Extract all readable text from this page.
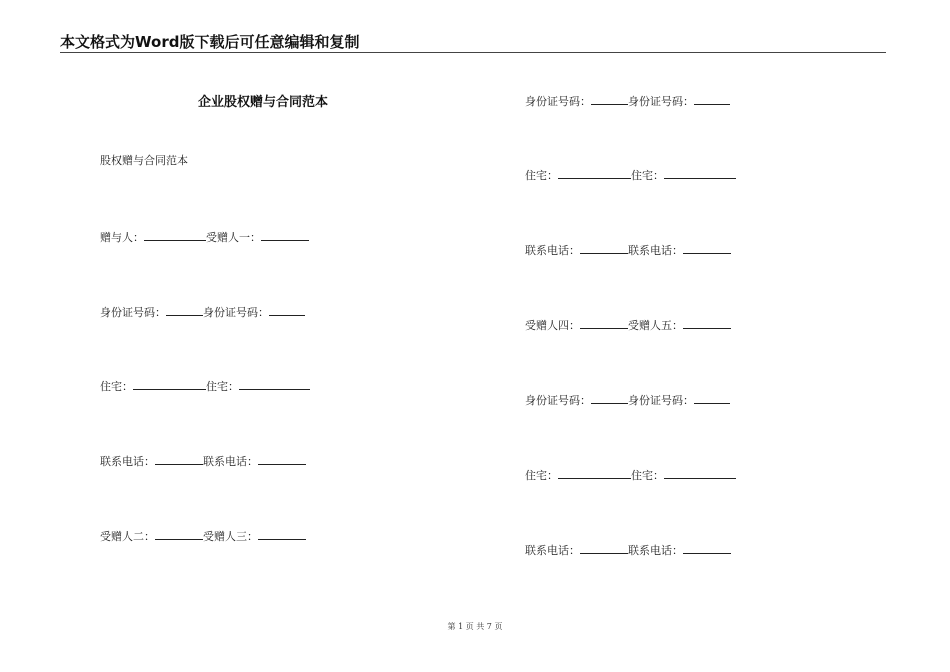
本文格式为Word版下载后可任意编辑和复制
企业股权赠与合同范本
股权赠与合同范本
赠与人：	受赠人一：
身份证号码：	身份证号码：
住宅：	住宅：
联系电话：	联系电话：
受赠人二：	受赠人三：
身份证号码：	身份证号码：
住宅：	住宅：
联系电话：	联系电话：
受赠人四：	受赠人五：
身份证号码：	身份证号码：
住宅：	住宅：
联系电话：	联系电话：
第 1 页 共 7 页
